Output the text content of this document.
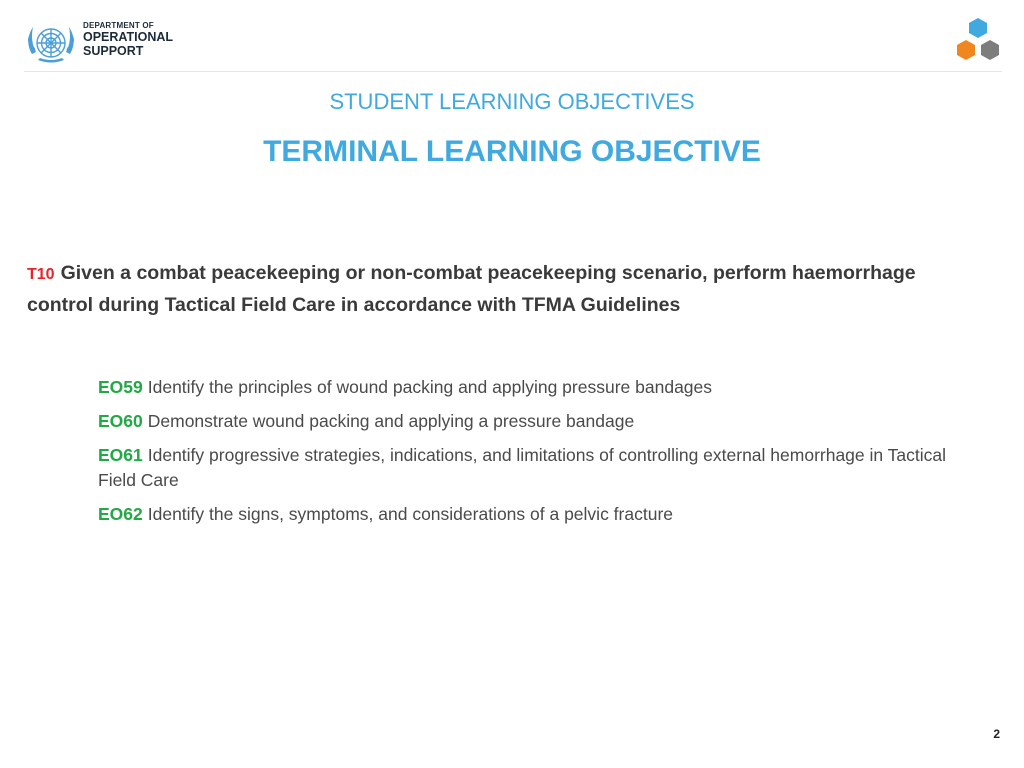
DEPARTMENT OF
OPERATIONAL
SUPPORT
STUDENT LEARNING OBJECTIVES
TERMINAL LEARNING OBJECTIVE
T10 Given a combat peacekeeping or non-combat peacekeeping scenario, perform haemorrhage control during Tactical Field Care in accordance with TFMA Guidelines
EO59 Identify the principles of wound packing and applying pressure bandages
EO60 Demonstrate wound packing and applying a pressure bandage
EO61 Identify progressive strategies, indications, and limitations of controlling external hemorrhage in Tactical Field Care
EO62 Identify the signs, symptoms, and considerations of a pelvic fracture
2
